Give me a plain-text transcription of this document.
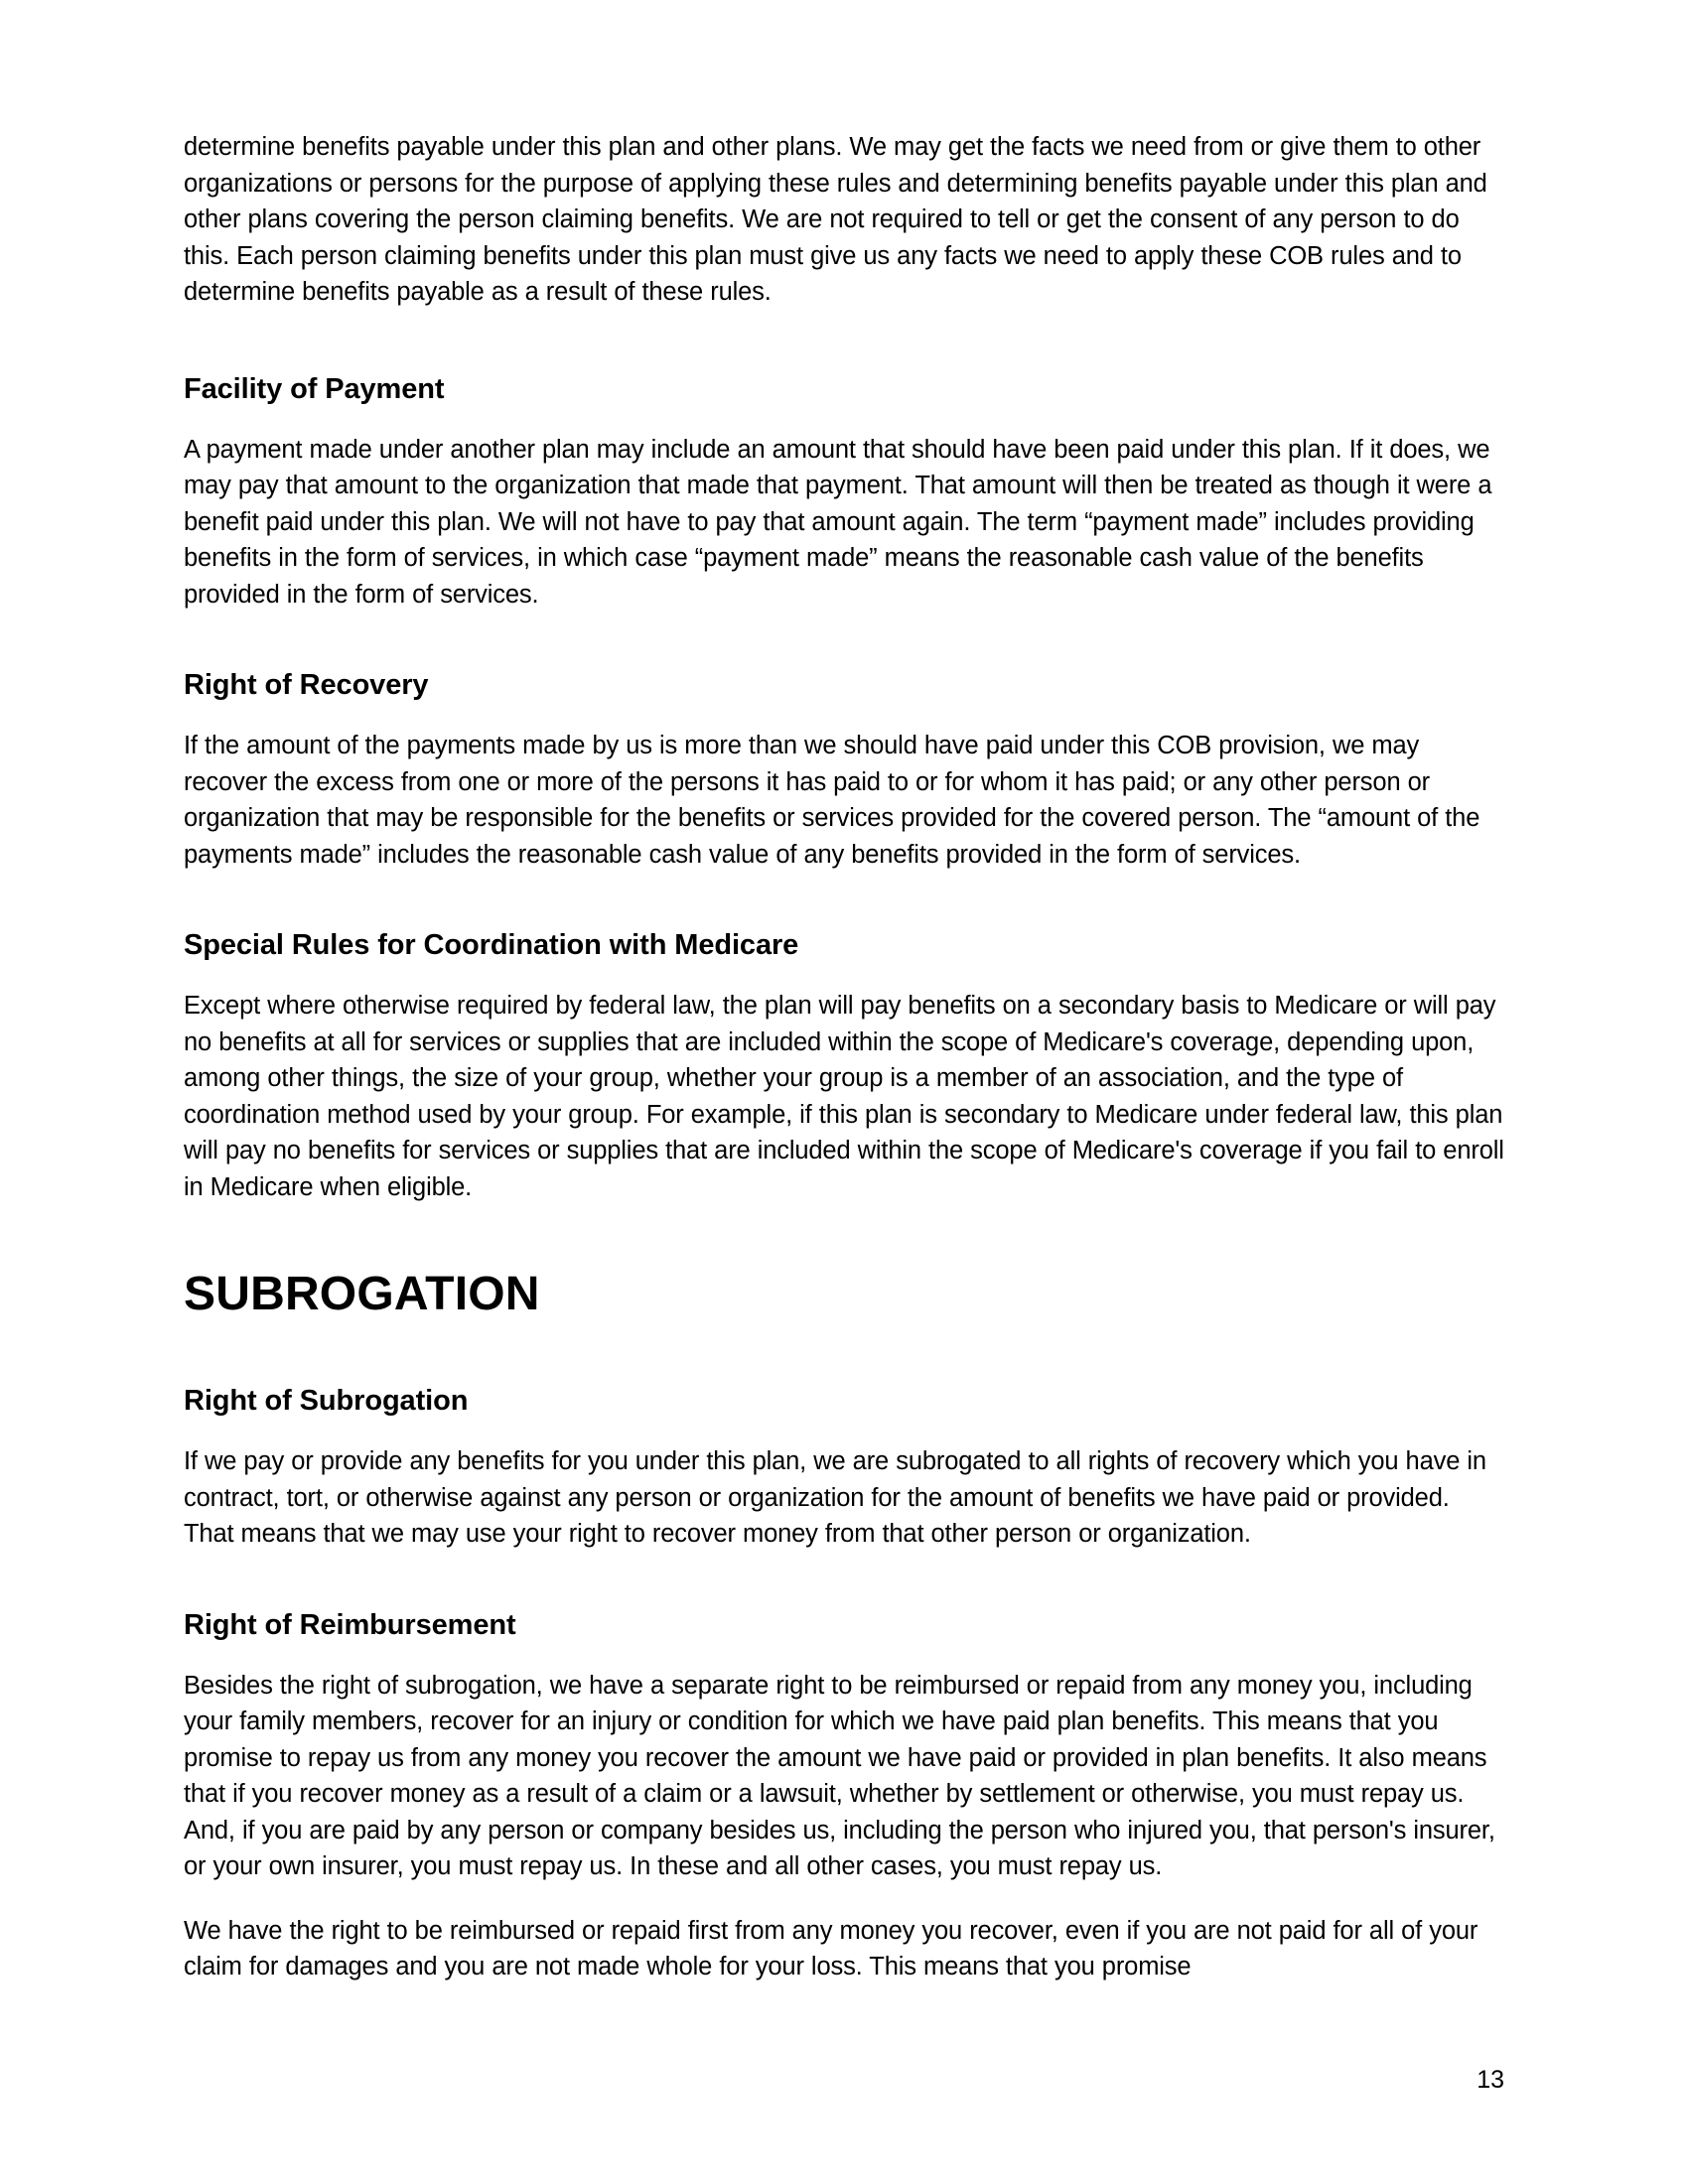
determine benefits payable under this plan and other plans. We may get the facts we need from or give them to other organizations or persons for the purpose of applying these rules and determining benefits payable under this plan and other plans covering the person claiming benefits. We are not required to tell or get the consent of any person to do this. Each person claiming benefits under this plan must give us any facts we need to apply these COB rules and to determine benefits payable as a result of these rules.

Facility of Payment

A payment made under another plan may include an amount that should have been paid under this plan. If it does, we may pay that amount to the organization that made that payment. That amount will then be treated as though it were a benefit paid under this plan. We will not have to pay that amount again. The term “payment made” includes providing benefits in the form of services, in which case “payment made” means the reasonable cash value of the benefits provided in the form of services.

Right of Recovery

If the amount of the payments made by us is more than we should have paid under this COB provision, we may recover the excess from one or more of the persons it has paid to or for whom it has paid; or any other person or organization that may be responsible for the benefits or services provided for the covered person. The “amount of the payments made” includes the reasonable cash value of any benefits provided in the form of services.

Special Rules for Coordination with Medicare

Except where otherwise required by federal law, the plan will pay benefits on a secondary basis to Medicare or will pay no benefits at all for services or supplies that are included within the scope of Medicare's coverage, depending upon, among other things, the size of your group, whether your group is a member of an association, and the type of coordination method used by your group. For example, if this plan is secondary to Medicare under federal law, this plan will pay no benefits for services or supplies that are included within the scope of Medicare's coverage if you fail to enroll in Medicare when eligible.

SUBROGATION
Right of Subrogation

If we pay or provide any benefits for you under this plan, we are subrogated to all rights of recovery which you have in contract, tort, or otherwise against any person or organization for the amount of benefits we have paid or provided. That means that we may use your right to recover money from that other person or organization.

Right of Reimbursement

Besides the right of subrogation, we have a separate right to be reimbursed or repaid from any money you, including your family members, recover for an injury or condition for which we have paid plan benefits. This means that you promise to repay us from any money you recover the amount we have paid or provided in plan benefits. It also means that if you recover money as a result of a claim or a lawsuit, whether by settlement or otherwise, you must repay us. And, if you are paid by any person or company besides us, including the person who injured you, that person's insurer, or your own insurer, you must repay us. In these and all other cases, you must repay us.

We have the right to be reimbursed or repaid first from any money you recover, even if you are not paid for all of your claim for damages and you are not made whole for your loss. This means that you promise

13
